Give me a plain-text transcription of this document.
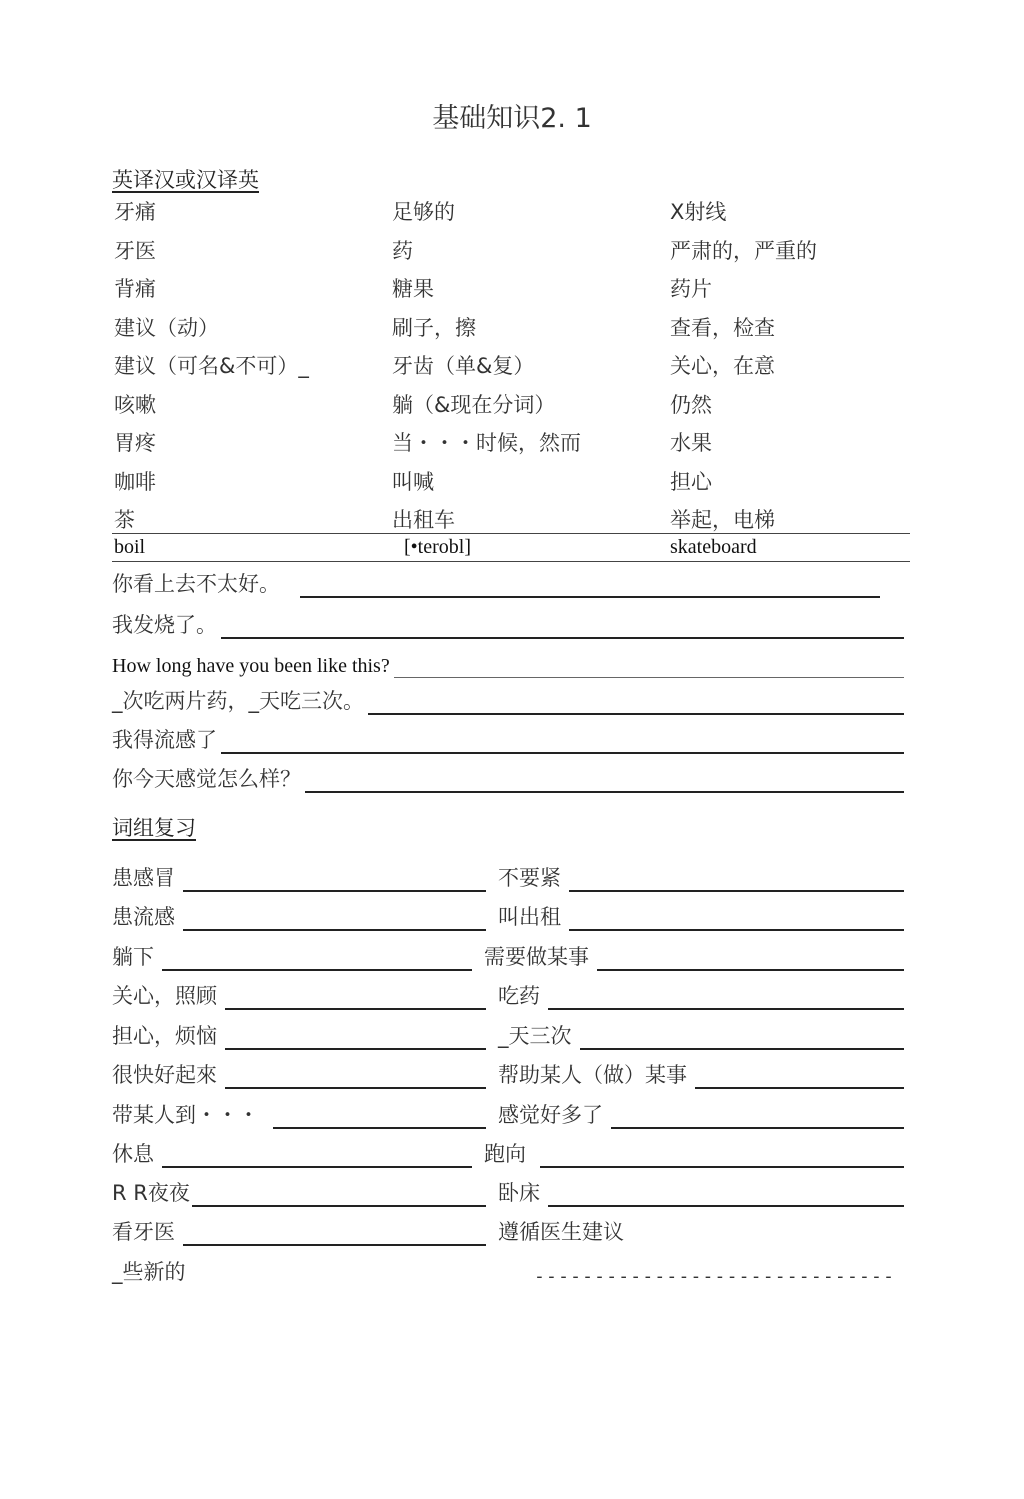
基础知识2. 1
英译汉或汉译英
牙痛	足够的	X射线
牙医	药	严肃的，严重的
背痛	糖果	药片
建议（动）	刷子，擦	查看，检查
建议（可名&不可）_	牙齿（单&复）	关心，在意
咳嗽	躺（&现在分词）	仍然
胃疼	当・・・时候，然而	水果
咖啡	叫喊	担心
茶	出租车	举起，电梯
boil	[•terobl]	skateboard
你看上去不太好。
我发烧了。
How long have you been like this?
_次吃两片药，_天吃三次。
我得流感了
你今天感觉怎么样？
词组复习
患感冒	不要紧
患流感	叫出租
躺下	需要做某事
关心，照顾	吃药
担心，烦恼	_天三次
很快好起來	帮助某人（做）某事
带某人到・・・	感觉好多了
休息	跑向
R R夜夜	卧床
看牙医	遵循医生建议
_些新的	------------------------------
